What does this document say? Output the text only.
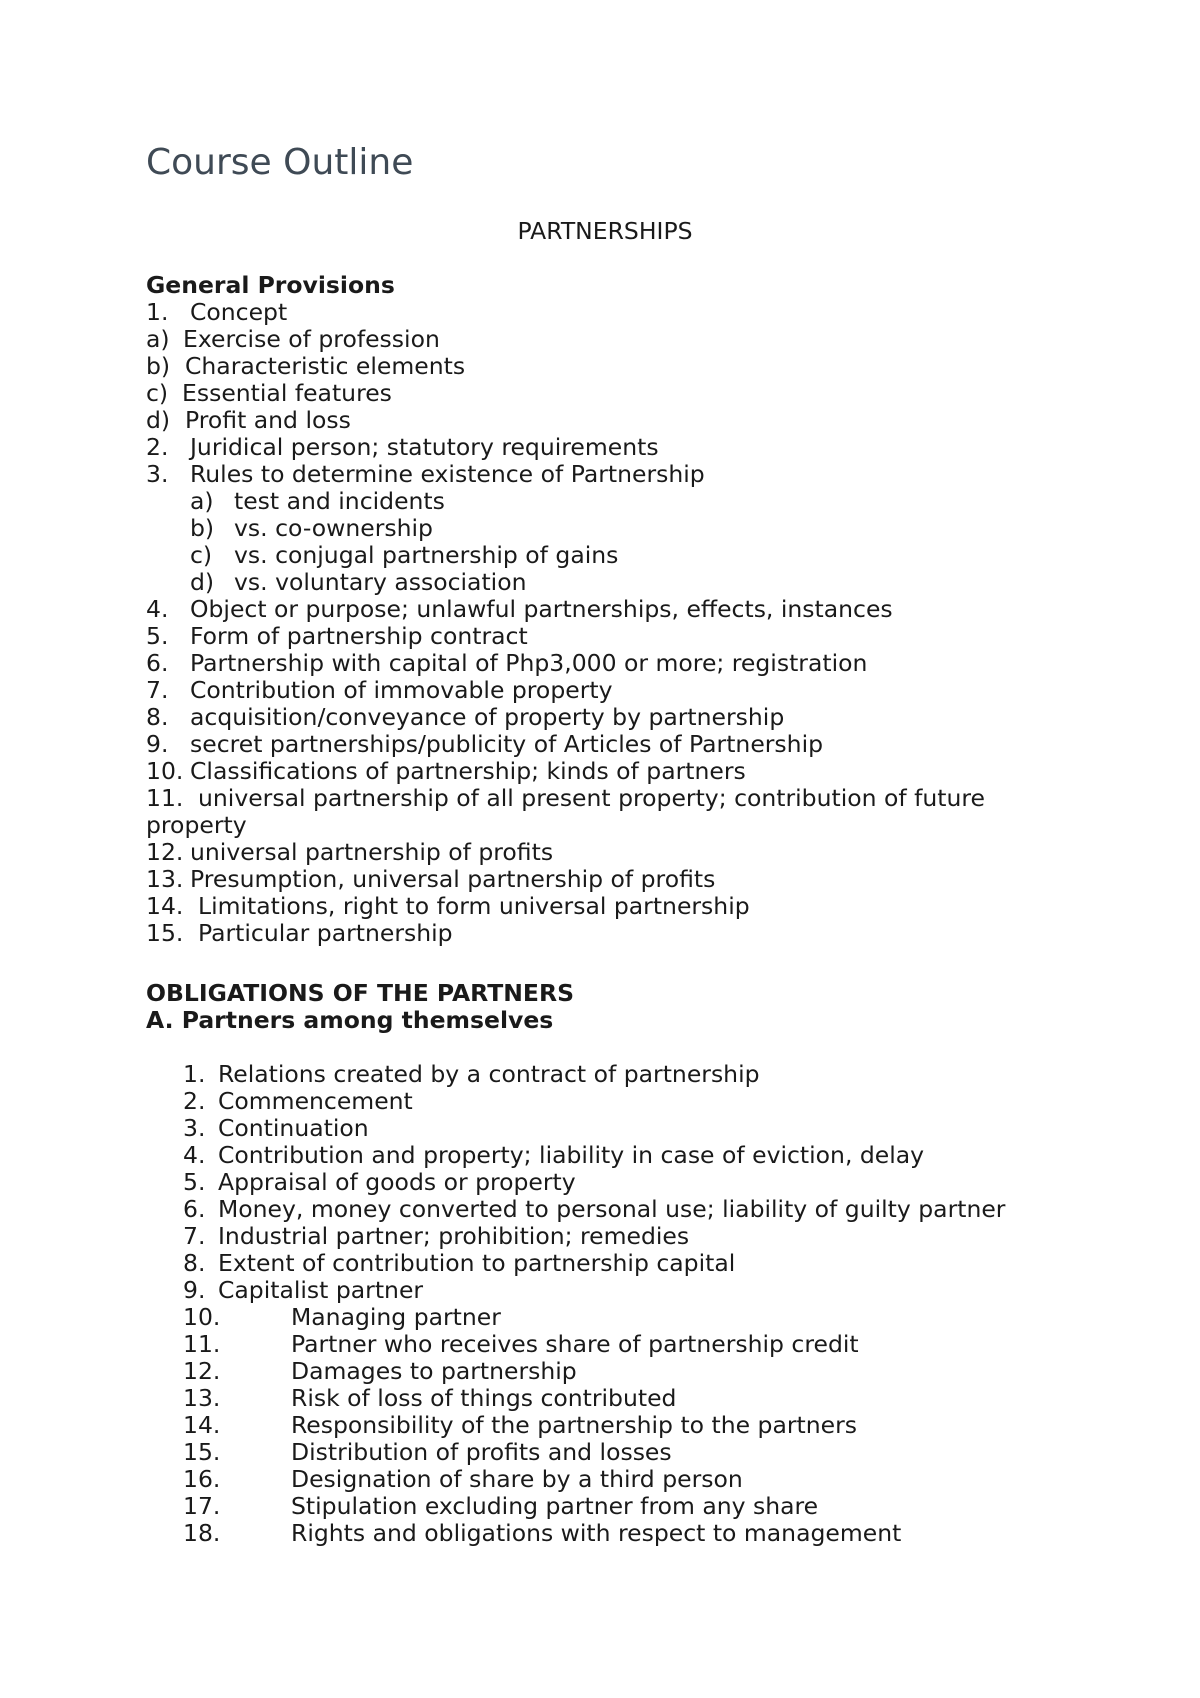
Course Outline
PARTNERSHIPS
General Provisions
1. Concept
a) Exercise of profession
b) Characteristic elements
c) Essential features
d) Profit and loss
2. Juridical person; statutory requirements
3. Rules to determine existence of Partnership
a) test and incidents
b) vs. co-ownership
c) vs. conjugal partnership of gains
d) vs. voluntary association
4. Object or purpose; unlawful partnerships, effects, instances
5. Form of partnership contract
6. Partnership with capital of Php3,000 or more; registration
7. Contribution of immovable property
8. acquisition/conveyance of property by partnership
9. secret partnerships/publicity of Articles of Partnership
10. Classifications of partnership; kinds of partners
11. universal partnership of all present property; contribution of future
property
12. universal partnership of profits
13. Presumption, universal partnership of profits
14. Limitations, right to form universal partnership
15. Particular partnership
OBLIGATIONS OF THE PARTNERS
A. Partners among themselves
1. Relations created by a contract of partnership
2. Commencement
3. Continuation
4. Contribution and property; liability in case of eviction, delay
5. Appraisal of goods or property
6. Money, money converted to personal use; liability of guilty partner
7. Industrial partner; prohibition; remedies
8. Extent of contribution to partnership capital
9. Capitalist partner
10.	Managing partner
11.	Partner who receives share of partnership credit
12.	Damages to partnership
13.	Risk of loss of things contributed
14.	Responsibility of the partnership to the partners
15.	Distribution of profits and losses
16.	Designation of share by a third person
17.	Stipulation excluding partner from any share
18.	Rights and obligations with respect to management
